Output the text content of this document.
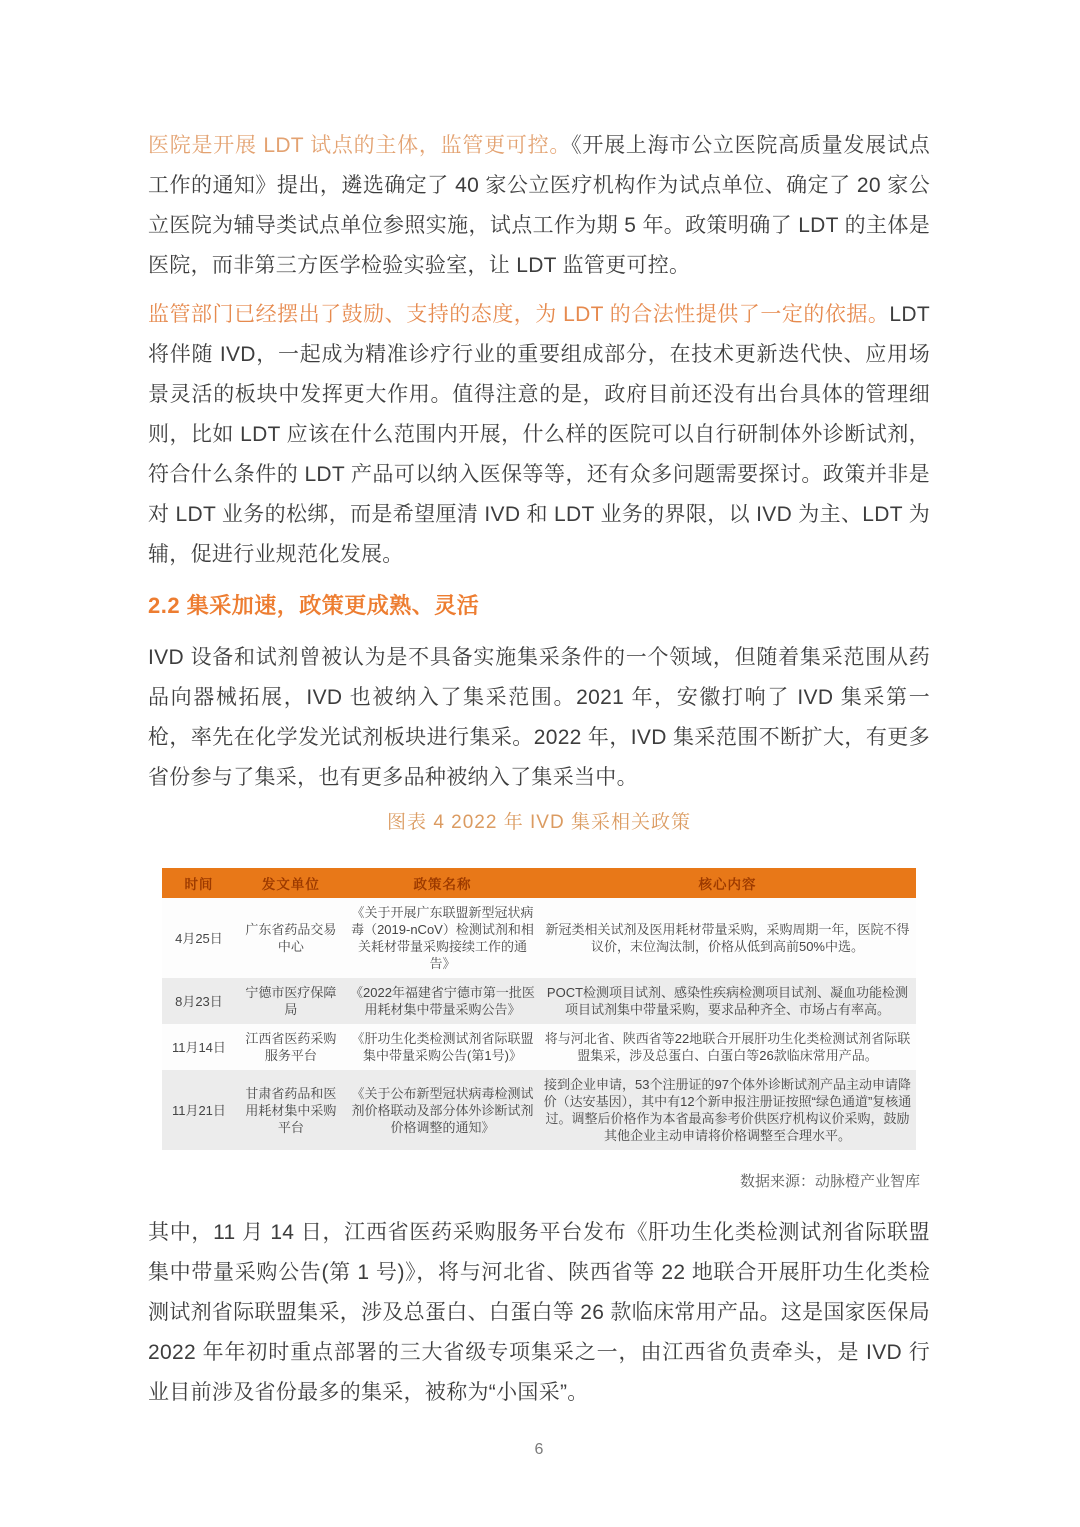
医院是开展 LDT 试点的主体，监管更可控。《开展上海市公立医院高质量发展试点工作的通知》提出，遴选确定了 40 家公立医疗机构作为试点单位、确定了 20 家公立医院为辅导类试点单位参照实施，试点工作为期 5 年。政策明确了 LDT 的主体是医院，而非第三方医学检验实验室，让 LDT 监管更可控。

监管部门已经摆出了鼓励、支持的态度，为 LDT 的合法性提供了一定的依据。LDT 将伴随 IVD，一起成为精准诊疗行业的重要组成部分，在技术更新迭代快、应用场景灵活的板块中发挥更大作用。值得注意的是，政府目前还没有出台具体的管理细则，比如 LDT 应该在什么范围内开展，什么样的医院可以自行研制体外诊断试剂，符合什么条件的 LDT 产品可以纳入医保等等，还有众多问题需要探讨。政策并非是对 LDT 业务的松绑，而是希望厘清 IVD 和 LDT 业务的界限，以 IVD 为主、LDT 为辅，促进行业规范化发展。

2.2 集采加速，政策更成熟、灵活

IVD 设备和试剂曾被认为是不具备实施集采条件的一个领域，但随着集采范围从药品向器械拓展，IVD 也被纳入了集采范围。2021 年，安徽打响了 IVD 集采第一枪，率先在化学发光试剂板块进行集采。2022 年，IVD 集采范围不断扩大，有更多省份参与了集采，也有更多品种被纳入了集采当中。

图表 4 2022 年 IVD 集采相关政策
时间	发文单位	政策名称	核心内容
4月25日	广东省药品交易中心	《关于开展广东联盟新型冠状病毒（2019-nCoV）检测试剂和相关耗材带量采购接续工作的通告》	新冠类相关试剂及医用耗材带量采购，采购周期一年，医院不得议价，末位淘汰制，价格从低到高前50%中选。
8月23日	宁德市医疗保障局	《2022年福建省宁德市第一批医用耗材集中带量采购公告》	POCT检测项目试剂、感染性疾病检测项目试剂、凝血功能检测项目试剂集中带量采购，要求品种齐全、市场占有率高。
11月14日	江西省医药采购服务平台	《肝功生化类检测试剂省际联盟集中带量采购公告(第1号)》	将与河北省、陕西省等22地联合开展肝功生化类检测试剂省际联盟集采，涉及总蛋白、白蛋白等26款临床常用产品。
11月21日	甘肃省药品和医用耗材集中采购平台	《关于公布新型冠状病毒检测试剂价格联动及部分体外诊断试剂价格调整的通知》	接到企业申请，53个注册证的97个体外诊断试剂产品主动申请降价（达安基因），其中有12个新申报注册证按照“绿色通道”复核通过。调整后价格作为本省最高参考价供医疗机构议价采购，鼓励其他企业主动申请将价格调整至合理水平。
数据来源：动脉橙产业智库

其中，11 月 14 日，江西省医药采购服务平台发布《肝功生化类检测试剂省际联盟集中带量采购公告(第 1 号)》，将与河北省、陕西省等 22 地联合开展肝功生化类检测试剂省际联盟集采，涉及总蛋白、白蛋白等 26 款临床常用产品。这是国家医保局 2022 年年初时重点部署的三大省级专项集采之一，由江西省负责牵头，是 IVD 行业目前涉及省份最多的集采，被称为“小国采”。

6
